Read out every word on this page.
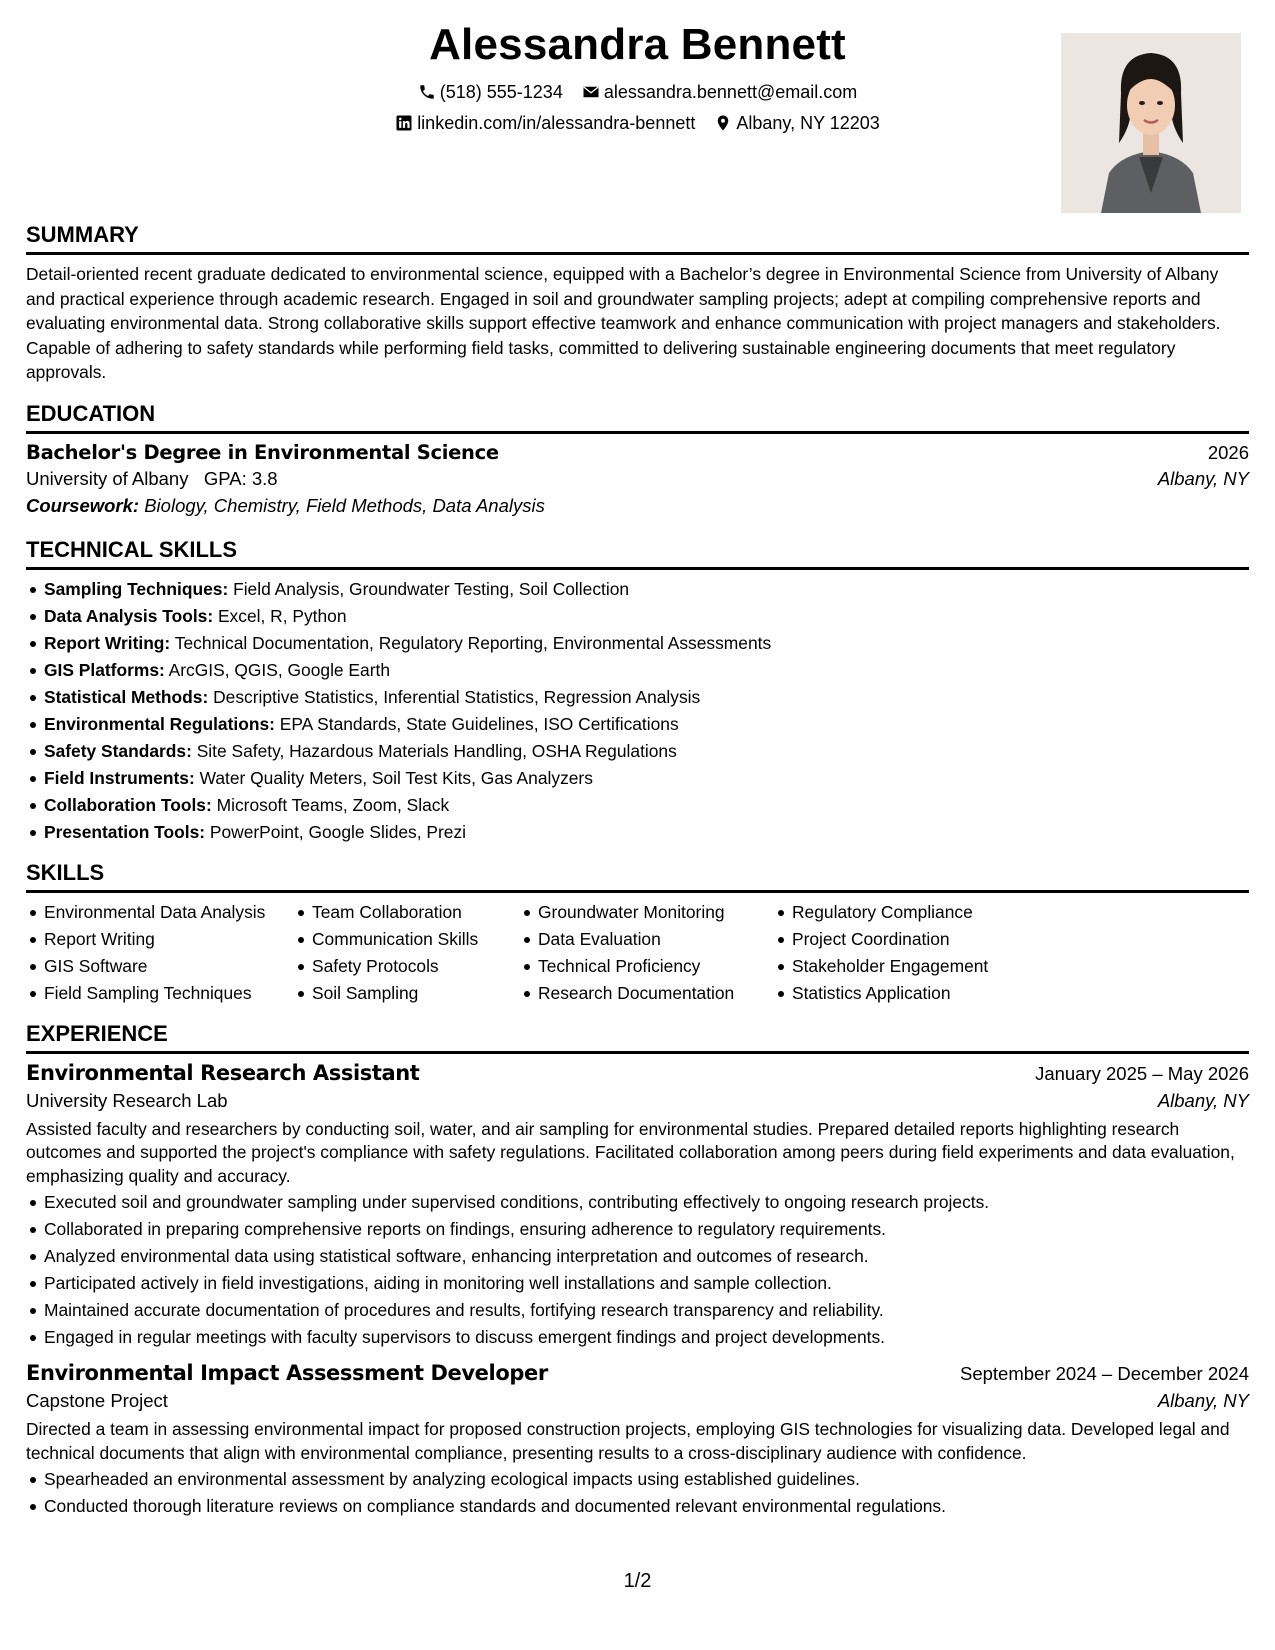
Alessandra Bennett
(518) 555-1234
alessandra.bennett@email.com
linkedin.com/in/alessandra-bennett
Albany, NY 12203
SUMMARY

Detail-oriented recent graduate dedicated to environmental science, equipped with a Bachelor’s degree in Environmental Science from University of Albany and practical experience through academic research. Engaged in soil and groundwater sampling projects; adept at compiling comprehensive reports and evaluating environmental data. Strong collaborative skills support effective teamwork and enhance communication with project managers and stakeholders. Capable of adhering to safety standards while performing field tasks, committed to delivering sustainable engineering documents that meet regulatory approvals.

EDUCATION
Bachelor's Degree in Environmental Science	2026
University of Albany   GPA: 3.8	Albany, NY
Coursework: Biology, Chemistry, Field Methods, Data Analysis
TECHNICAL SKILLS
Sampling Techniques: Field Analysis, Groundwater Testing, Soil Collection
Data Analysis Tools: Excel, R, Python
Report Writing: Technical Documentation, Regulatory Reporting, Environmental Assessments
GIS Platforms: ArcGIS, QGIS, Google Earth
Statistical Methods: Descriptive Statistics, Inferential Statistics, Regression Analysis
Environmental Regulations: EPA Standards, State Guidelines, ISO Certifications
Safety Standards: Site Safety, Hazardous Materials Handling, OSHA Regulations
Field Instruments: Water Quality Meters, Soil Test Kits, Gas Analyzers
Collaboration Tools: Microsoft Teams, Zoom, Slack
Presentation Tools: PowerPoint, Google Slides, Prezi
SKILLS
Environmental Data Analysis
Report Writing
GIS Software
Field Sampling Techniques
Team Collaboration
Communication Skills
Safety Protocols
Soil Sampling
Groundwater Monitoring
Data Evaluation
Technical Proficiency
Research Documentation
Regulatory Compliance
Project Coordination
Stakeholder Engagement
Statistics Application
EXPERIENCE
Environmental Research Assistant	January 2025 – May 2026
University Research Lab	Albany, NY

Assisted faculty and researchers by conducting soil, water, and air sampling for environmental studies. Prepared detailed reports highlighting research outcomes and supported the project's compliance with safety regulations. Facilitated collaboration among peers during field experiments and data evaluation, emphasizing quality and accuracy.

Executed soil and groundwater sampling under supervised conditions, contributing effectively to ongoing research projects.
Collaborated in preparing comprehensive reports on findings, ensuring adherence to regulatory requirements.
Analyzed environmental data using statistical software, enhancing interpretation and outcomes of research.
Participated actively in field investigations, aiding in monitoring well installations and sample collection.
Maintained accurate documentation of procedures and results, fortifying research transparency and reliability.
Engaged in regular meetings with faculty supervisors to discuss emergent findings and project developments.
Environmental Impact Assessment Developer	September 2024 – December 2024
Capstone Project	Albany, NY

Directed a team in assessing environmental impact for proposed construction projects, employing GIS technologies for visualizing data. Developed legal and technical documents that align with environmental compliance, presenting results to a cross-disciplinary audience with confidence.

Spearheaded an environmental assessment by analyzing ecological impacts using established guidelines.
Conducted thorough literature reviews on compliance standards and documented relevant environmental regulations.
1/2
